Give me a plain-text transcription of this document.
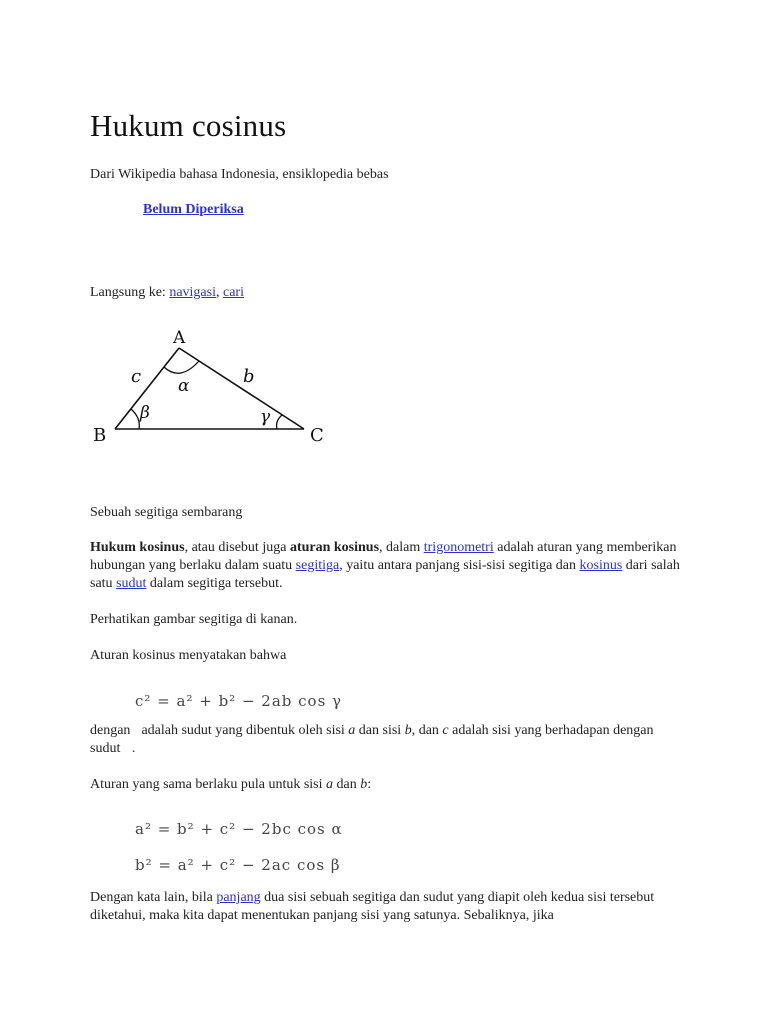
Hukum cosinus
Dari Wikipedia bahasa Indonesia, ensiklopedia bebas
Belum Diperiksa
Langsung ke: navigasi, cari
A
B	C
c	b
α
β	γ
Sebuah segitiga sembarang
Hukum kosinus, atau disebut juga aturan kosinus, dalam trigonometri adalah aturan yang memberikan hubungan yang berlaku dalam suatu segitiga, yaitu antara panjang sisi-sisi segitiga dan kosinus dari salah satu sudut dalam segitiga tersebut.
Perhatikan gambar segitiga di kanan.
Aturan kosinus menyatakan bahwa
c² = a² + b² − 2ab cos γ
dengan  adalah sudut yang dibentuk oleh sisi a dan sisi b, dan c adalah sisi yang berhadapan dengan sudut .
Aturan yang sama berlaku pula untuk sisi a dan b:
a² = b² + c² − 2bc cos α
b² = a² + c² − 2ac cos β
Dengan kata lain, bila panjang dua sisi sebuah segitiga dan sudut yang diapit oleh kedua sisi tersebut diketahui, maka kita dapat menentukan panjang sisi yang satunya. Sebaliknya, jika
